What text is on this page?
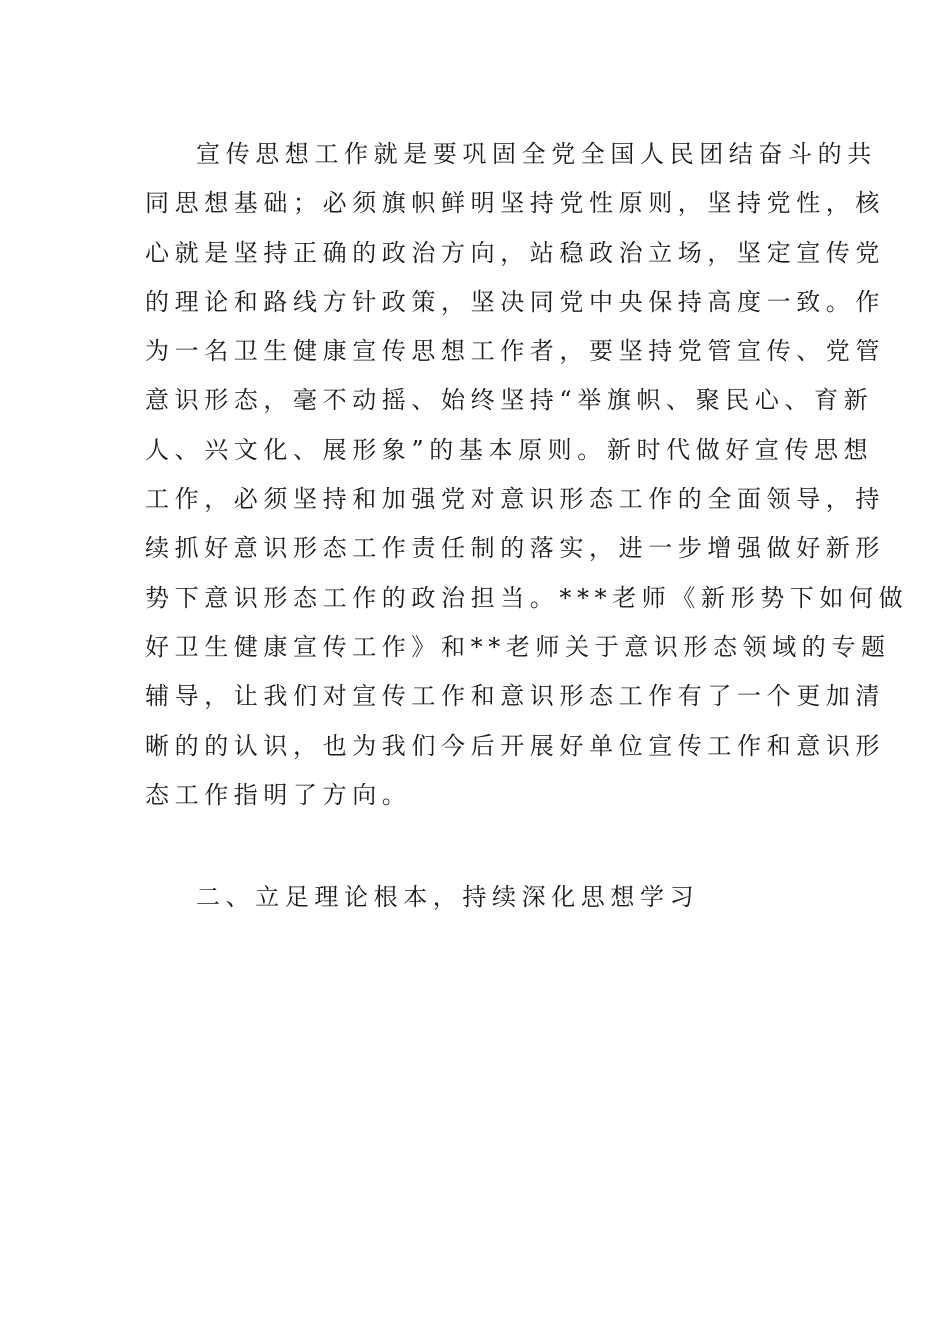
宣传思想工作就是要巩固全党全国人民团结奋斗的共
同思想基础；必须旗帜鲜明坚持党性原则，坚持党性，核
心就是坚持正确的政治方向，站稳政治立场，坚定宣传党
的理论和路线方针政策，坚决同党中央保持高度一致。作
为一名卫生健康宣传思想工作者，要坚持党管宣传、党管
意识形态，毫不动摇、始终坚持“举旗帜、聚民心、育新
人、兴文化、展形象”的基本原则。新时代做好宣传思想
工作，必须坚持和加强党对意识形态工作的全面领导，持
续抓好意识形态工作责任制的落实，进一步增强做好新形
势下意识形态工作的政治担当。***老师《新形势下如何做
好卫生健康宣传工作》和**老师关于意识形态领域的专题
辅导，让我们对宣传工作和意识形态工作有了一个更加清
晰的的认识，也为我们今后开展好单位宣传工作和意识形
态工作指明了方向。
二、立足理论根本，持续深化思想学习
